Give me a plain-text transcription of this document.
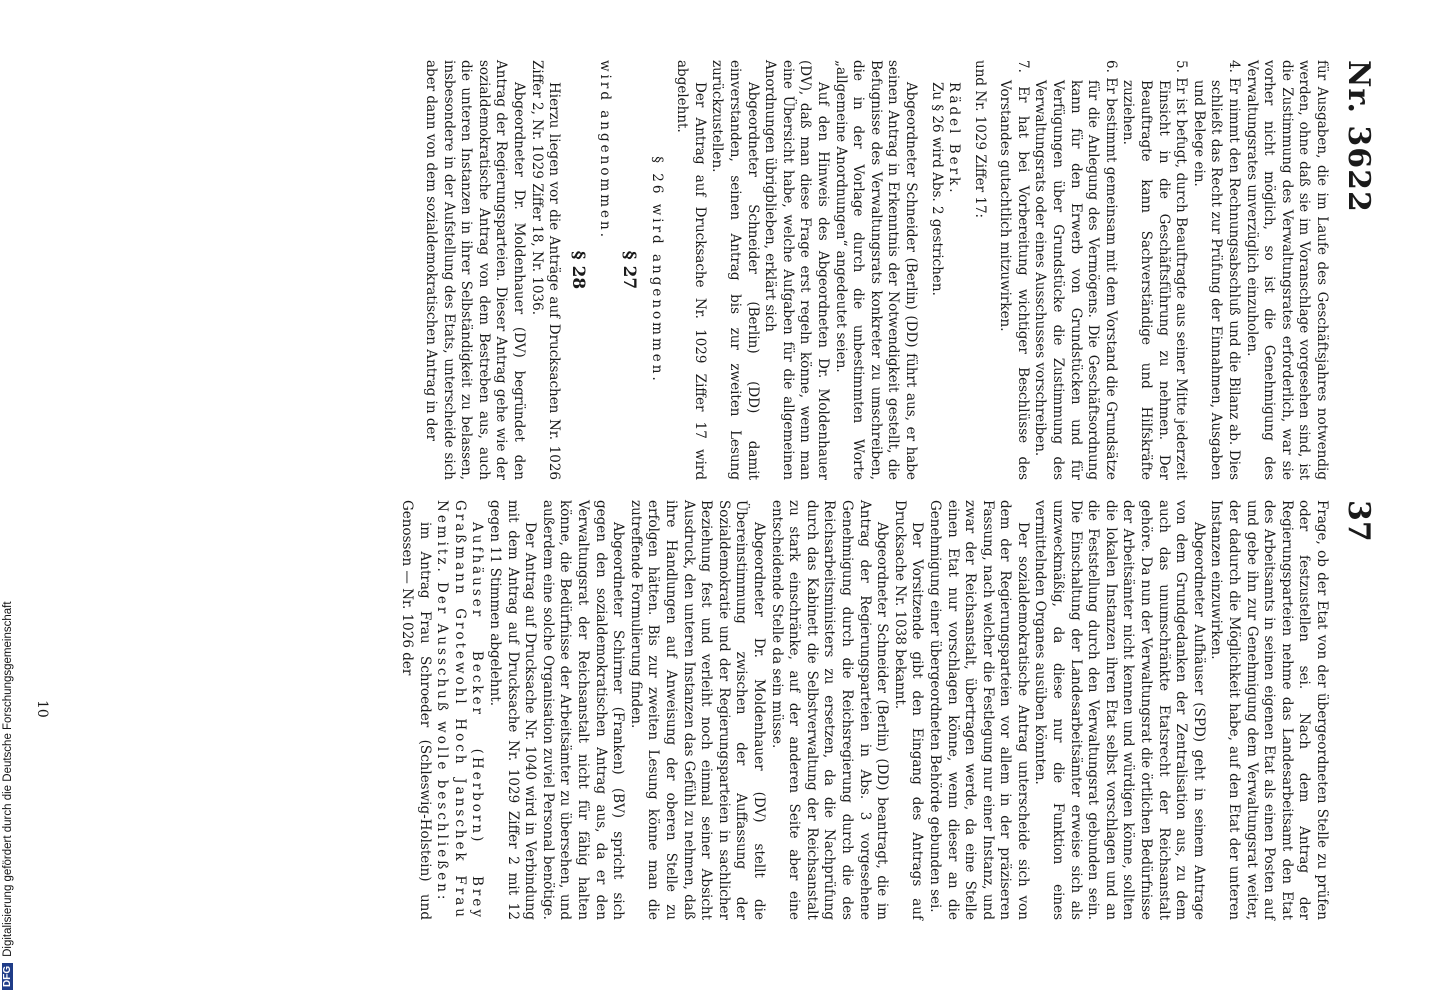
DFGDigitalisierung gefördert durch die Deutsche Forschungsgemeinschaft
Nr. 3622
37

für Ausgaben, die im Laufe des Geschäftsjahres notwendig werden, ohne daß sie im Voranschlage vorgesehen sind, ist die Zustimmung des Verwaltungsrates erforderlich, war sie vorher nicht möglich, so ist die Genehmigung des Verwaltungsrates unverzüglich einzuholen.

4. Er nimmt den Rechnungsabschluß und die Bilanz ab. Dies schließt das Recht zur Prüfung der Einnahmen, Ausgaben und Belege ein.

5. Er ist befugt, durch Beauftragte aus seiner Mitte jederzeit Einsicht in die Geschäftsführung zu nehmen. Der Beauftragte kann Sachverständige und Hilfskräfte zuziehen.

6. Er bestimmt gemeinsam mit dem Vorstand die Grundsätze für die Anlegung des Vermögens. Die Geschäftsordnung kann für den Erwerb von Grundstücken und für Verfügungen über Grundstücke die Zustimmung des Verwaltungsrats oder eines Ausschusses vorschreiben.

7. Er hat bei Vorbereitung wichtiger Beschlüsse des Vorstandes gutachtlich mitzuwirken.

und Nr. 1029 Ziffer 17:

Rädel Berk.

Zu § 26 wird Abs. 2 gestrichen.

Abgeordneter Schneider (Berlin) (DD) führt aus, er habe seinen Antrag in Erkenntnis der Notwendigkeit gestellt, die Befugnisse des Verwaltungsrats konkreter zu umschreiben, die in der Vorlage durch die unbestimmten Worte „allgemeine Anordnungen“ angedeutet seien.

Auf den Hinweis des Abgeordneten Dr. Moldenhauer (DV), daß man diese Frage erst regeln könne, wenn man eine Übersicht habe, welche Aufgaben für die allgemeinen Anordnungen übrigblieben, erklärt sich

Abgeordneter Schneider (Berlin) (DD) damit einverstanden, seinen Antrag bis zur zweiten Lesung zurückzustellen.

Der Antrag auf Drucksache Nr. 1029 Ziffer 17 wird abgelehnt.

§ 26 wird angenommen.

§ 27

wird angenommen.

§ 28

Hierzu liegen vor die Anträge auf Drucksachen Nr. 1026 Ziffer 2, Nr. 1029 Ziffer 18, Nr. 1036.

Abgeordneter Dr. Moldenhauer (DV) begründet den Antrag der Regierungsparteien. Dieser Antrag gehe wie der sozialdemokratische Antrag von dem Bestreben aus, auch die unteren Instanzen in ihrer Selbständigkeit zu belassen, insbesondere in der Aufstellung des Etats, unterscheide sich aber dann von dem sozialdemokratischen Antrag in der

Frage, ob der Etat von der übergeordneten Stelle zu prüfen oder festzustellen sei. Nach dem Antrag der Regierungsparteien nehme das Landesarbeitsamt den Etat des Arbeitsamts in seinen eigenen Etat als einen Posten auf und gebe ihn zur Genehmigung dem Verwaltungsrat weiter, der dadurch die Möglichkeit habe, auf den Etat der unteren Instanzen einzuwirken.

Abgeordneter Aufhäuser (SPD) geht in seinem Antrage von dem Grundgedanken der Zentralisation aus, zu dem auch das unumschränkte Etatsrecht der Reichsanstalt gehöre. Da nun der Verwaltungsrat die örtlichen Bedürfnisse der Arbeitsämter nicht kennen und würdigen könne, sollten die lokalen Instanzen ihren Etat selbst vorschlagen und an die Feststellung durch den Verwaltungsrat gebunden sein. Die Einschaltung der Landesarbeitsämter erweise sich als unzweckmäßig, da diese nur die Funktion eines vermittelnden Organes ausüben könnten.

Der sozialdemokratische Antrag unterscheide sich von dem der Regierungsparteien vor allem in der präziseren Fassung, nach welcher die Festlegung nur einer Instanz, und zwar der Reichsanstalt, übertragen werde, da eine Stelle einen Etat nur vorschlagen könne, wenn dieser an die Genehmigung einer übergeordneten Behörde gebunden sei.

Der Vorsitzende gibt den Eingang des Antrags auf Drucksache Nr. 1038 bekannt.

Abgeordneter Schneider (Berlin) (DD) beantragt, die im Antrag der Regierungsparteien in Abs. 3 vorgesehene Genehmigung durch die Reichsregierung durch die des Reichsarbeitsministers zu ersetzen, da die Nachprüfung durch das Kabinett die Selbstverwaltung der Reichsanstalt zu stark einschränke, auf der anderen Seite aber eine entscheidende Stelle da sein müsse.

Abgeordneter Dr. Moldenhauer (DV) stellt die Übereinstimmung zwischen der Auffassung der Sozialdemokratie und der Regierungsparteien in sachlicher Beziehung fest und verleiht noch einmal seiner Absicht Ausdruck, den unteren Instanzen das Gefühl zu nehmen, daß ihre Handlungen auf Anweisung der oberen Stelle zu erfolgen hätten. Bis zur zweiten Lesung könne man die zutreffende Formulierung finden.

Abgeordneter Schirmer (Franken) (BV) spricht sich gegen den sozialdemokratischen Antrag aus, da er den Verwaltungsrat der Reichsanstalt nicht für fähig halten könne, die Bedürfnisse der Arbeitsämter zu übersehen, und außerdem eine solche Organisation zuviel Personal benötige.

Der Antrag auf Drucksache Nr. 1040 wird in Verbindung mit dem Antrag auf Drucksache Nr. 1029 Ziffer 2 mit 12 gegen 11 Stimmen abgelehnt.

Aufhäuser Becker (Herborn) Brey Graßmann Grotewohl Hoch Janschek Frau Nemitz. Der Ausschuß wolle beschließen:

im Antrag Frau Schroeder (Schleswig-Holstein) und Genossen — Nr. 1026 der

10
